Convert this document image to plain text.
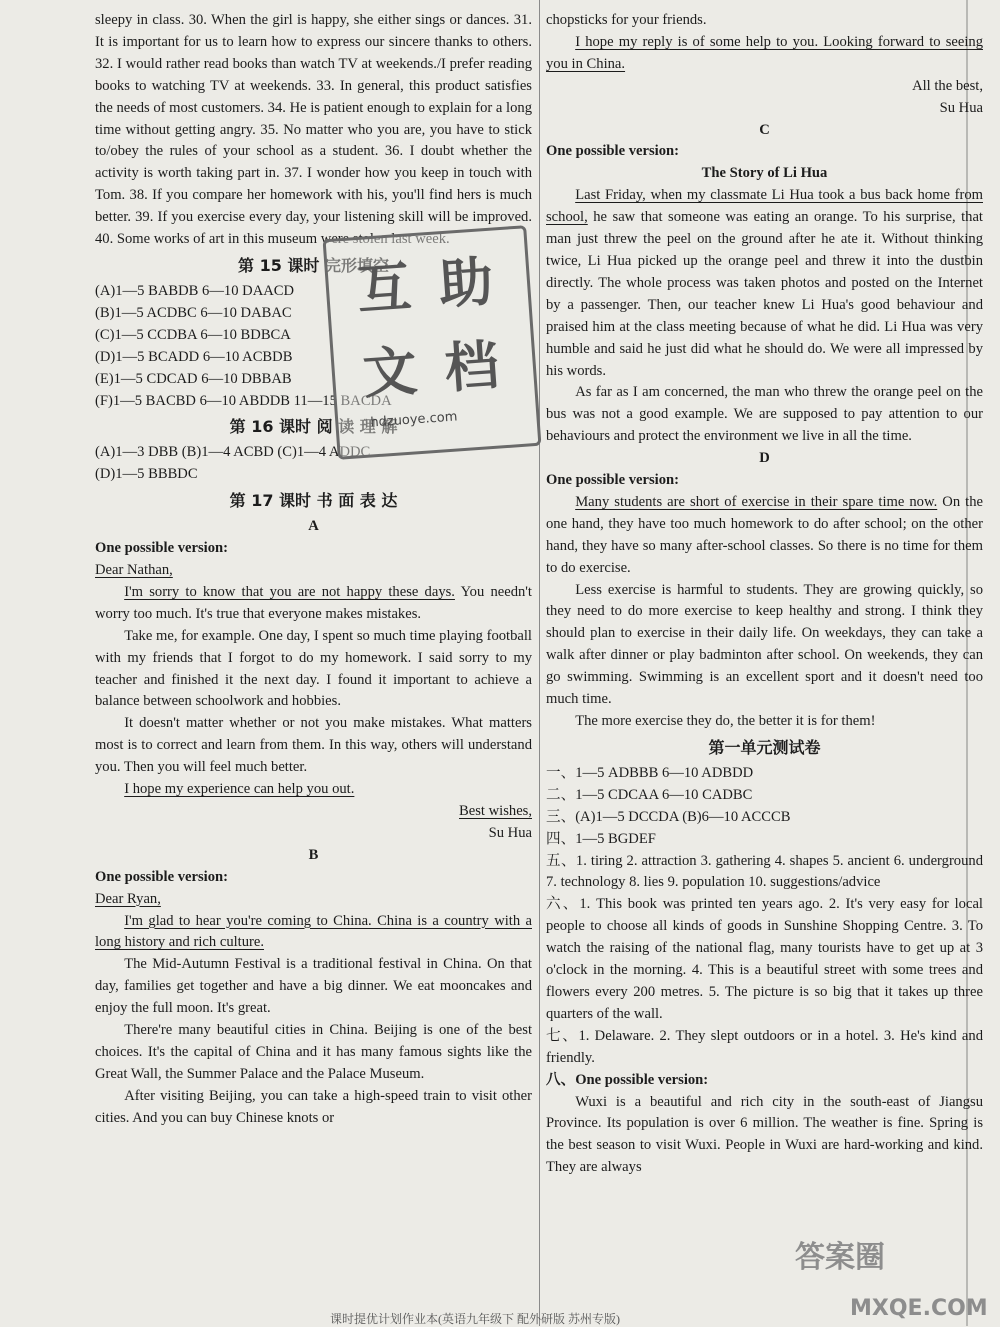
sleepy in class. 30. When the girl is happy, she either sings or dances. 31. It is important for us to learn how to express our sincere thanks to others. 32. I would rather read books than watch TV at weekends./I prefer reading books to watching TV at weekends. 33. In general, this product satisfies the needs of most customers. 34. He is patient enough to explain for a long time without getting angry. 35. No matter who you are, you have to stick to/obey the rules of your school as a student. 36. I doubt whether the activity is worth taking part in. 37. I wonder how you keep in touch with Tom. 38. If you compare her homework with his, you'll find hers is much better. 39. If you exercise every day, your listening skill will be improved. 40. Some works of art in this museum were stolen last week.

第 15 课时 完形填空

(A)1—5 BABDB 6—10 DAACD

(B)1—5 ACDBC 6—10 DABAC

(C)1—5 CCDBA 6—10 BDBCA

(D)1—5 BCADD 6—10 ACBDB

(E)1—5 CDCAD 6—10 DBBAB

(F)1—5 BACBD 6—10 ABDDB 11—15 BACDA

第 16 课时 阅 读 理 解

(A)1—3 DBB (B)1—4 ACBD (C)1—4 ADDC

(D)1—5 BBBDC

第 17 课时 书 面 表 达

A

One possible version:

Dear Nathan,

I'm sorry to know that you are not happy these days. You needn't worry too much. It's true that everyone makes mistakes.

Take me, for example. One day, I spent so much time playing football with my friends that I forgot to do my homework. I said sorry to my teacher and finished it the next day. I found it important to achieve a balance between schoolwork and hobbies.

It doesn't matter whether or not you make mistakes. What matters most is to correct and learn from them. In this way, others will understand you. Then you will feel much better.

I hope my experience can help you out.

Best wishes,

Su Hua

B

One possible version:

Dear Ryan,

I'm glad to hear you're coming to China. China is a country with a long history and rich culture.

The Mid-Autumn Festival is a traditional festival in China. On that day, families get together and have a big dinner. We eat mooncakes and enjoy the full moon. It's great.

There're many beautiful cities in China. Beijing is one of the best choices. It's the capital of China and it has many famous sights like the Great Wall, the Summer Palace and the Palace Museum.

After visiting Beijing, you can take a high-speed train to visit other cities. And you can buy Chinese knots or

chopsticks for your friends.

I hope my reply is of some help to you. Looking forward to seeing you in China.

All the best,

Su Hua

C

One possible version:

The Story of Li Hua

Last Friday, when my classmate Li Hua took a bus back home from school, he saw that someone was eating an orange. To his surprise, that man just threw the peel on the ground after he ate it. Without thinking twice, Li Hua picked up the orange peel and threw it into the dustbin directly. The whole process was taken photos and posted on the Internet by a passenger. Then, our teacher knew Li Hua's good behaviour and praised him at the class meeting because of what he did. Li Hua was very humble and said he just did what he should do. We were all impressed by his words.

As far as I am concerned, the man who threw the orange peel on the bus was not a good example. We are supposed to pay attention to our behaviours and protect the environment we live in all the time.

D

One possible version:

Many students are short of exercise in their spare time now. On the one hand, they have too much homework to do after school; on the other hand, they have so many after-school classes. So there is no time for them to do exercise.

Less exercise is harmful to students. They are growing quickly, so they need to do more exercise to keep healthy and strong. I think they should plan to exercise in their daily life. On weekdays, they can take a walk after dinner or play badminton after school. On weekends, they can go swimming. Swimming is an excellent sport and it doesn't need too much time.

The more exercise they do, the better it is for them!

第一单元测试卷

一、1—5 ADBBB 6—10 ADBDD

二、1—5 CDCAA 6—10 CADBC

三、(A)1—5 DCCDA (B)6—10 ACCCB

四、1—5 BGDEF

五、1. tiring 2. attraction 3. gathering 4. shapes 5. ancient 6. underground 7. technology 8. lies 9. population 10. suggestions/advice

六、1. This book was printed ten years ago. 2. It's very easy for local people to choose all kinds of goods in Sunshine Shopping Centre. 3. To watch the raising of the national flag, many tourists have to get up at 3 o'clock in the morning. 4. This is a beautiful street with some trees and flowers every 200 metres. 5. The picture is so big that it takes up three quarters of the wall.

七、1. Delaware. 2. They slept outdoors or in a hotel. 3. He's kind and friendly.

八、One possible version:

Wuxi is a beautiful and rich city in the south-east of Jiangsu Province. Its population is over 6 million. The weather is fine. Spring is the best season to visit Wuxi. People in Wuxi are hard-working and kind. They are always

互 助
文 档
hdzuoye.com
答案圈
MXQE.COM
课时提优计划作业本(英语九年级下 配外研版 苏州专版)
